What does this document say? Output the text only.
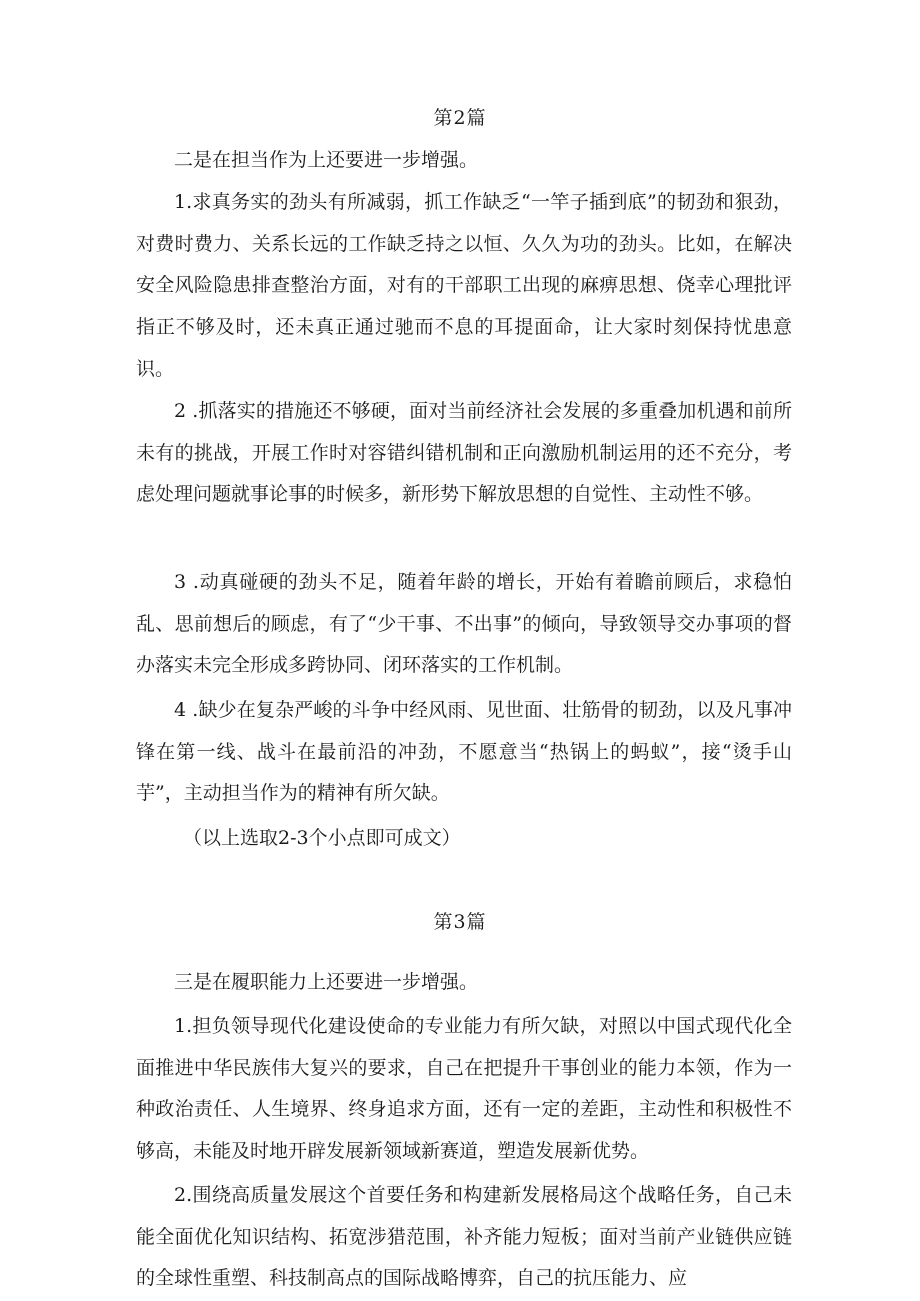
第2篇

二是在担当作为上还要进一步增强。

1.求真务实的劲头有所减弱，抓工作缺乏“一竿子插到底”的韧劲和狠劲，对费时费力、关系长远的工作缺乏持之以恒、久久为功的劲头。比如，在解决安全风险隐患排查整治方面，对有的干部职工出现的麻痹思想、侥幸心理批评指正不够及时，还未真正通过驰而不息的耳提面命，让大家时刻保持忧患意识。

2 .抓落实的措施还不够硬，面对当前经济社会发展的多重叠加机遇和前所未有的挑战，开展工作时对容错纠错机制和正向激励机制运用的还不充分，考虑处理问题就事论事的时候多，新形势下解放思想的自觉性、主动性不够。

3 .动真碰硬的劲头不足，随着年龄的增长，开始有着瞻前顾后，求稳怕乱、思前想后的顾虑，有了“少干事、不出事”的倾向，导致领导交办事项的督办落实未完全形成多跨协同、闭环落实的工作机制。

4 .缺少在复杂严峻的斗争中经风雨、见世面、壮筋骨的韧劲，以及凡事冲锋在第一线、战斗在最前沿的冲劲，不愿意当“热锅上的蚂蚁”，接“烫手山芋”，主动担当作为的精神有所欠缺。

（以上选取2-3个小点即可成文）
第3篇

三是在履职能力上还要进一步增强。

1.担负领导现代化建设使命的专业能力有所欠缺，对照以中国式现代化全面推进中华民族伟大复兴的要求，自己在把提升干事创业的能力本领，作为一种政治责任、人生境界、终身追求方面，还有一定的差距，主动性和积极性不够高，未能及时地开辟发展新领域新赛道，塑造发展新优势。

2.围绕高质量发展这个首要任务和构建新发展格局这个战略任务，自己未能全面优化知识结构、拓宽涉猎范围，补齐能力短板；面对当前产业链供应链的全球性重塑、科技制高点的国际战略博弈，自己的抗压能力、应
